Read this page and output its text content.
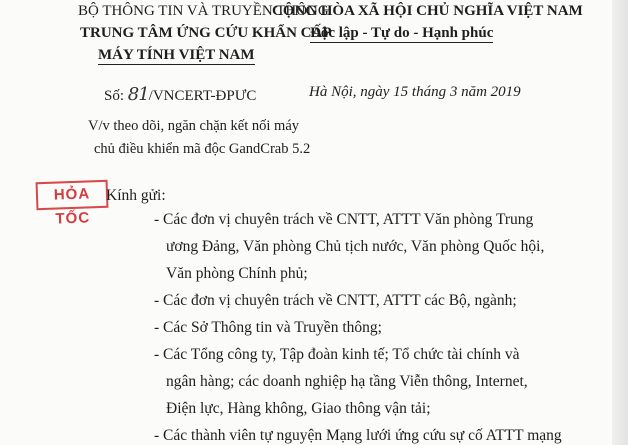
BỘ THÔNG TIN VÀ TRUYỀN THÔNG
TRUNG TÂM ỨNG CỨU KHẨN CẤP
MÁY TÍNH VIỆT NAM
CỘNG HÒA XÃ HỘI CHỦ NGHĨA VIỆT NAM
Độc lập - Tự do - Hạnh phúc
Số: 81/VNCERT-ĐPƯC	Hà Nội, ngày 15 tháng 3 năm 2019
V/v theo dõi, ngăn chặn kết nối máy
chủ điều khiển mã độc GandCrab 5.2
HỎA TỐC
Kính gửi:
- Các đơn vị chuyên trách về CNTT, ATTT Văn phòng Trung
ương Đảng, Văn phòng Chủ tịch nước, Văn phòng Quốc hội,
Văn phòng Chính phủ;
- Các đơn vị chuyên trách về CNTT, ATTT các Bộ, ngành;
- Các Sở Thông tin và Truyền thông;
- Các Tổng công ty, Tập đoàn kinh tế; Tổ chức tài chính và
ngân hàng; các doanh nghiệp hạ tầng Viễn thông, Internet,
Điện lực, Hàng không, Giao thông vận tải;
- Các thành viên tự nguyện Mạng lưới ứng cứu sự cố ATTT mạng
